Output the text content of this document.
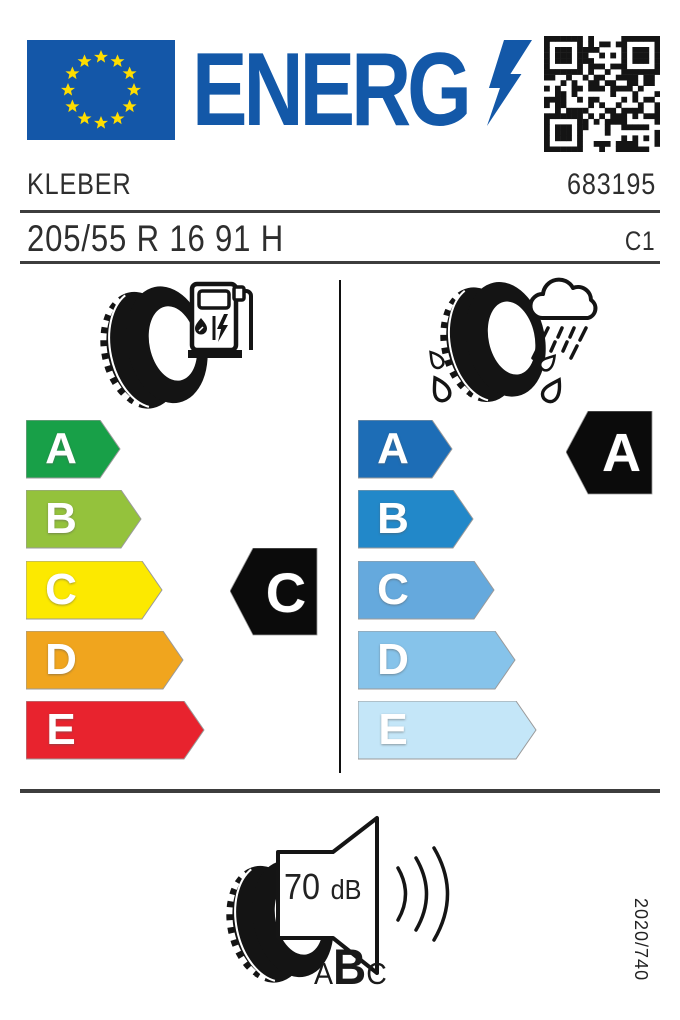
ENERG
KLEBER	683195
205/55 R 16 91 H	C1
A
B
C
D
E
C
A
B
C
D
E
A
70 dB
A B C	2020/740
